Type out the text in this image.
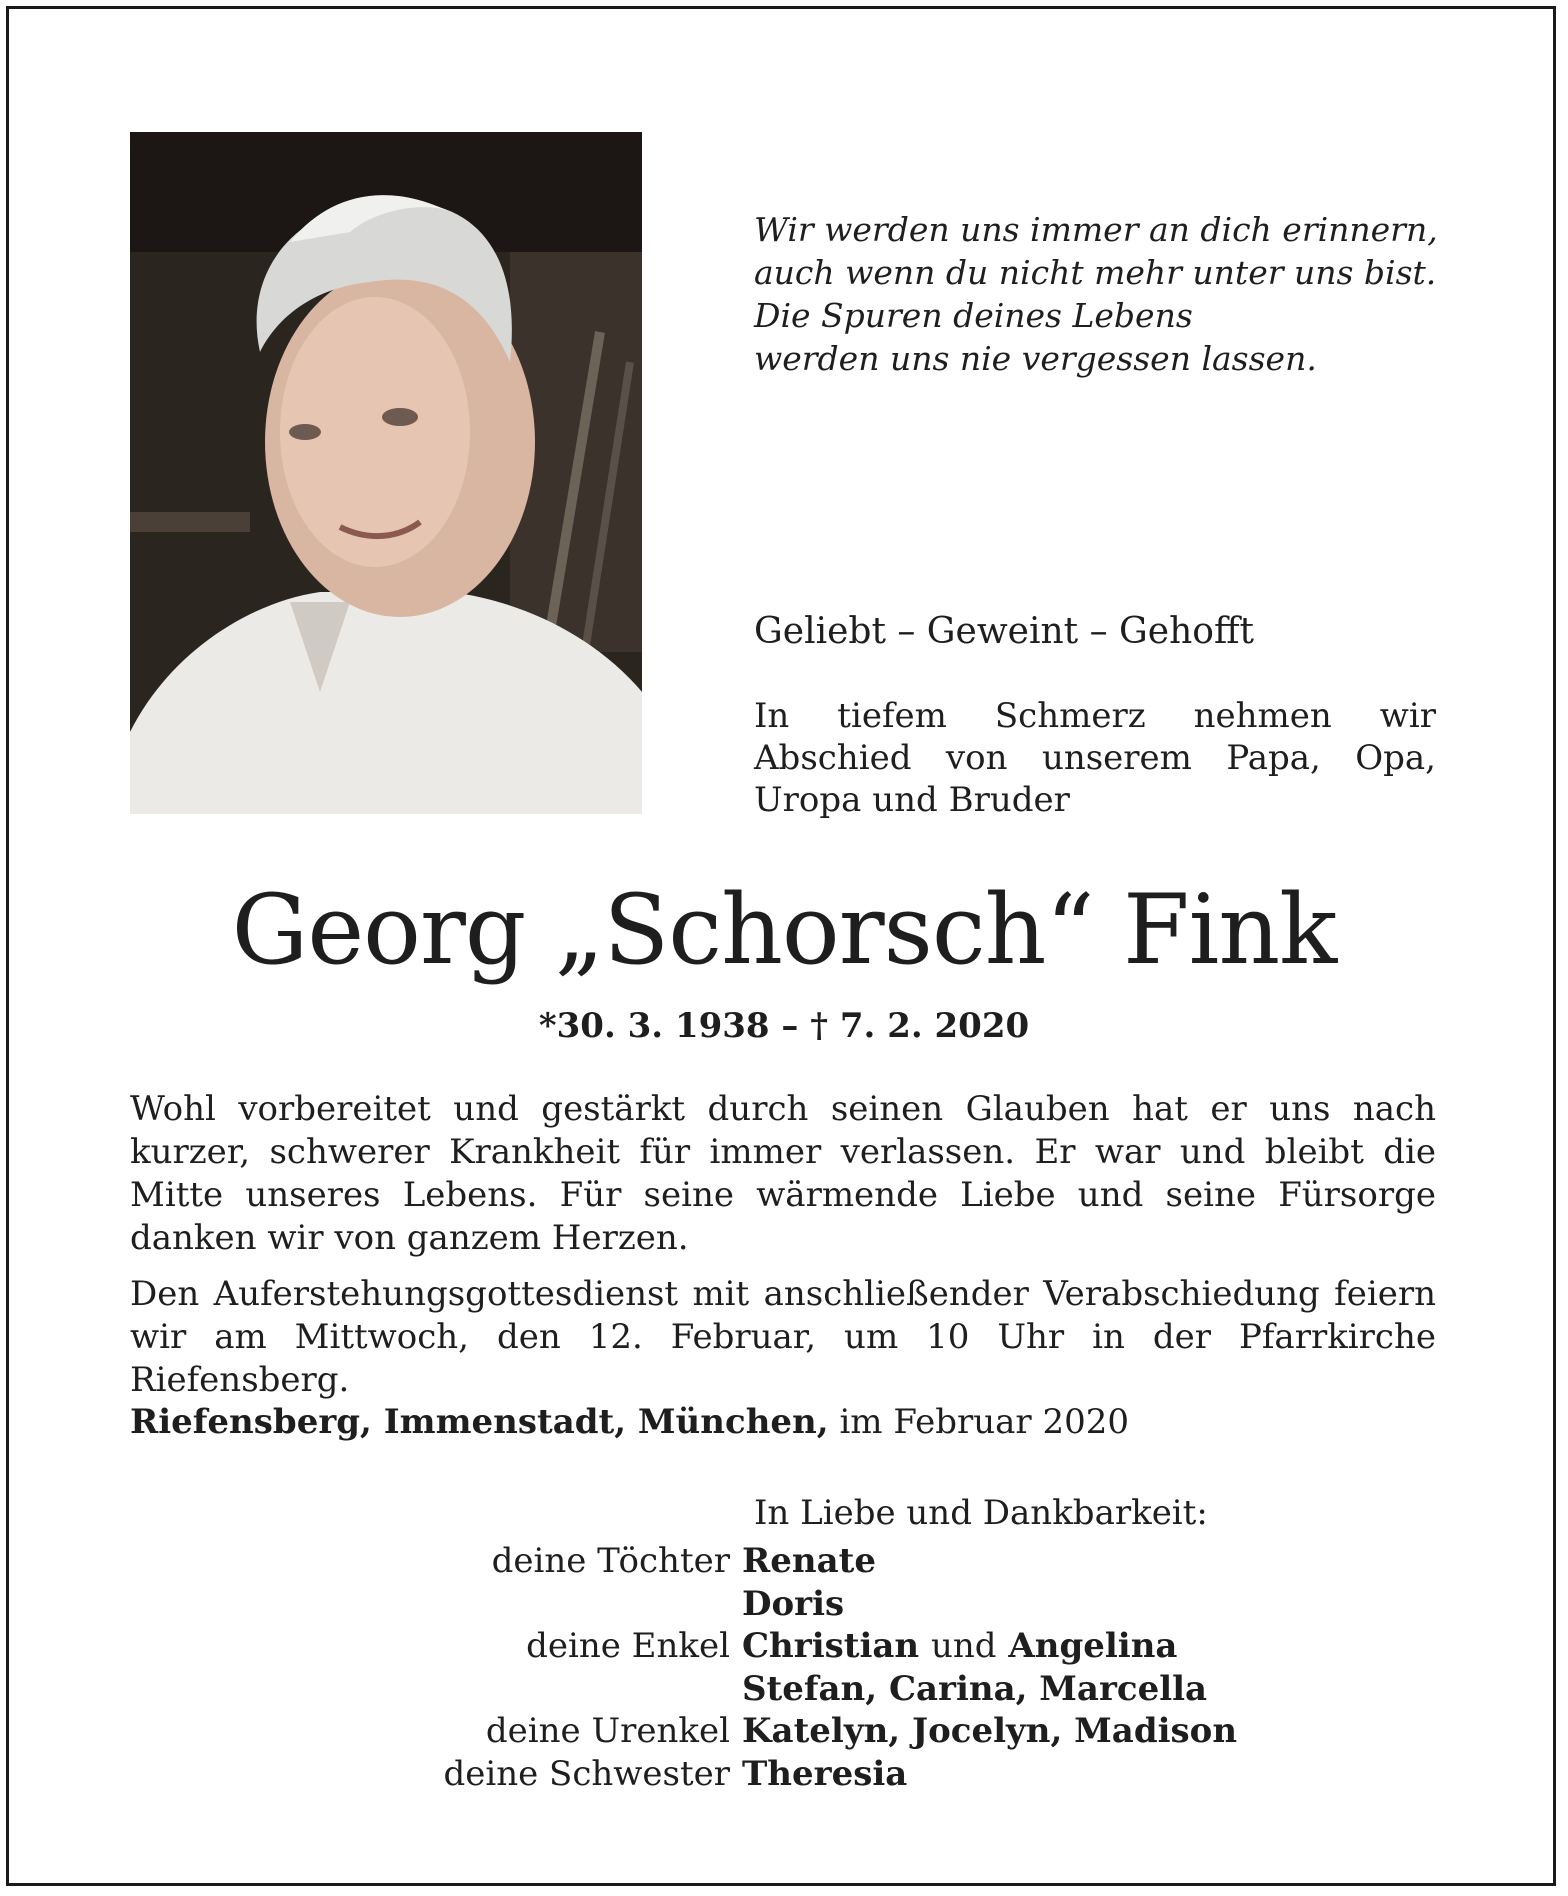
Wir werden uns immer an dich erinnern,
auch wenn du nicht mehr unter uns bist.
Die Spuren deines Lebens
werden uns nie vergessen lassen.

Geliebt – Geweint – Gehofft

In tiefem Schmerz nehmen wir Abschied von unserem Papa, Opa, Uropa und Bruder

Georg „Schorsch“ Fink

*30. 3. 1938 – † 7. 2. 2020

Wohl vorbereitet und gestärkt durch seinen Glauben hat er uns nach kurzer, schwerer Krankheit für immer verlassen. Er war und bleibt die Mitte unseres Lebens. Für seine wärmende Liebe und seine Fürsorge danken wir von ganzem Herzen.

Den Auferstehungsgottesdienst mit anschließender Verabschiedung feiern wir am Mittwoch, den 12. Februar, um 10 Uhr in der Pfarrkirche Riefensberg.

Riefensberg, Immenstadt, München, im Februar 2020

In Liebe und Dankbarkeit:

deine Töchter Renate
Doris
deine Enkel Christian und Angelina
Stefan, Carina, Marcella
deine Urenkel Katelyn, Jocelyn, Madison
deine Schwester Theresia
